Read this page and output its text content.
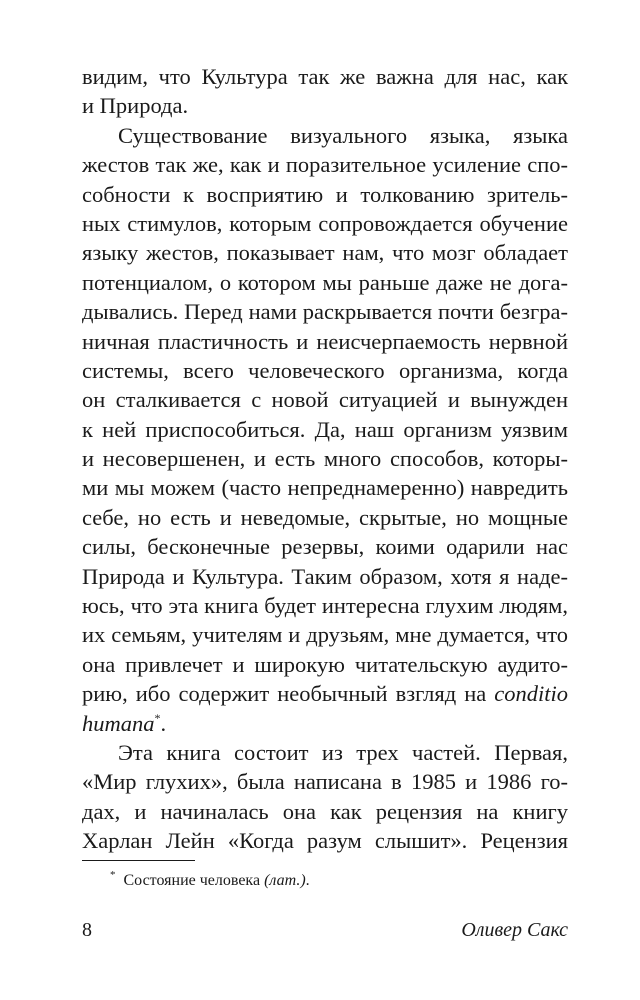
видим, что Культура так же важна для нас, как
и Природа.
Существование визуального языка, языка
жестов так же, как и поразительное усиление спо-
собности к восприятию и толкованию зритель-
ных стимулов, которым сопровождается обучение
языку жестов, показывает нам, что мозг обладает
потенциалом, о котором мы раньше даже не дога-
дывались. Перед нами раскрывается почти безгра-
ничная пластичность и неисчерпаемость нервной
системы, всего человеческого организма, когда
он сталкивается с новой ситуацией и вынужден
к ней приспособиться. Да, наш организм уязвим
и несовершенен, и есть много способов, которы-
ми мы можем (часто непреднамеренно) навредить
себе, но есть и неведомые, скрытые, но мощные
силы, бесконечные резервы, коими одарили нас
Природа и Культура. Таким образом, хотя я наде-
юсь, что эта книга будет интересна глухим людям,
их семьям, учителям и друзьям, мне думается, что
она привлечет и широкую читательскую аудито-
рию, ибо содержит необычный взгляд на conditio
humana*.
Эта книга состоит из трех частей. Первая,
«Мир глухих», была написана в 1985 и 1986 го-
дах, и начиналась она как рецензия на книгу
Харлан Лейн «Когда разум слышит». Рецензия
* Состояние человека (лат.).
8	Оливер Сакс
